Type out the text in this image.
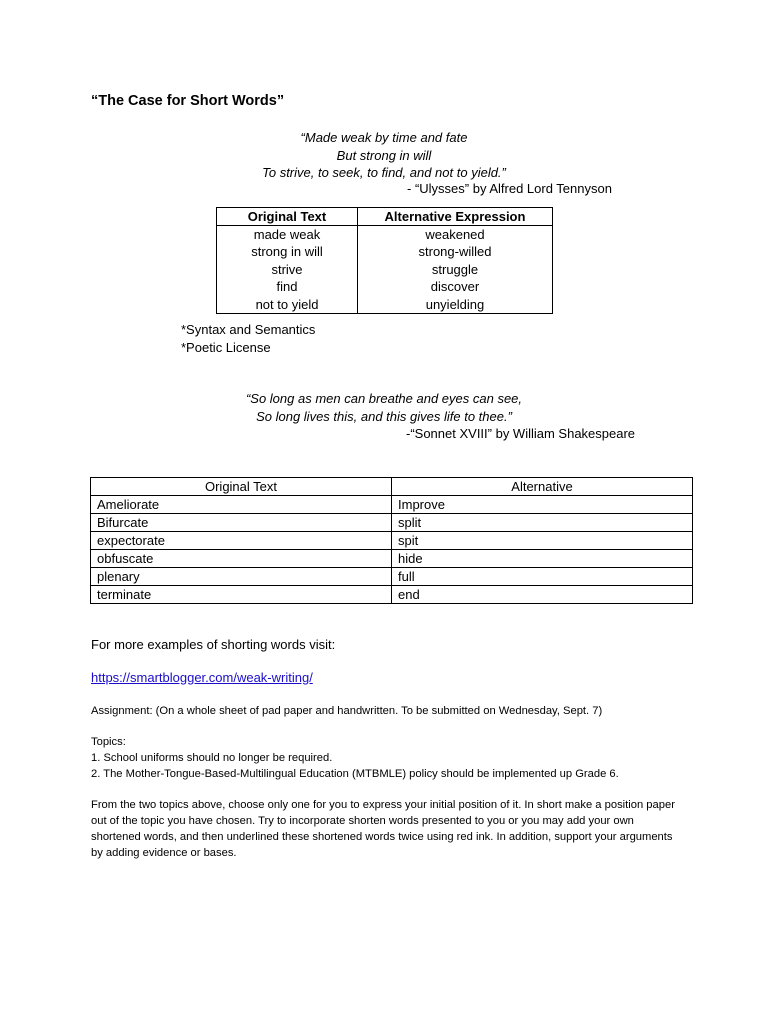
“The Case for Short Words”
“Made weak by time and fate
But strong in will
To strive, to seek, to find, and not to yield.”
- “Ulysses” by Alfred Lord Tennyson
Original Text	Alternative Expression
made weak	weakened
strong in will	strong-willed
strive	struggle
find	discover
not to yield	unyielding

*Syntax and Semantics

*Poetic License

“So long as men can breathe and eyes can see,
So long lives this, and this gives life to thee.”
-“Sonnet XVIII” by William Shakespeare
Original Text	Alternative
Ameliorate	Improve
Bifurcate	split
expectorate	spit
obfuscate	hide
plenary	full
terminate	end

For more examples of shorting words visit:

https://smartblogger.com/weak-writing/

Assignment: (On a whole sheet of pad paper and handwritten. To be submitted on Wednesday, Sept. 7)

Topics:

1. School uniforms should no longer be required.

2. The Mother-Tongue-Based-Multilingual Education (MTBMLE) policy should be implemented up Grade 6.

From the two topics above, choose only one for you to express your initial position of it. In short make a position paper out of the topic you have chosen. Try to incorporate shorten words presented to you or you may add your own shortened words, and then underlined these shortened words twice using red ink. In addition, support your arguments by adding evidence or bases.
